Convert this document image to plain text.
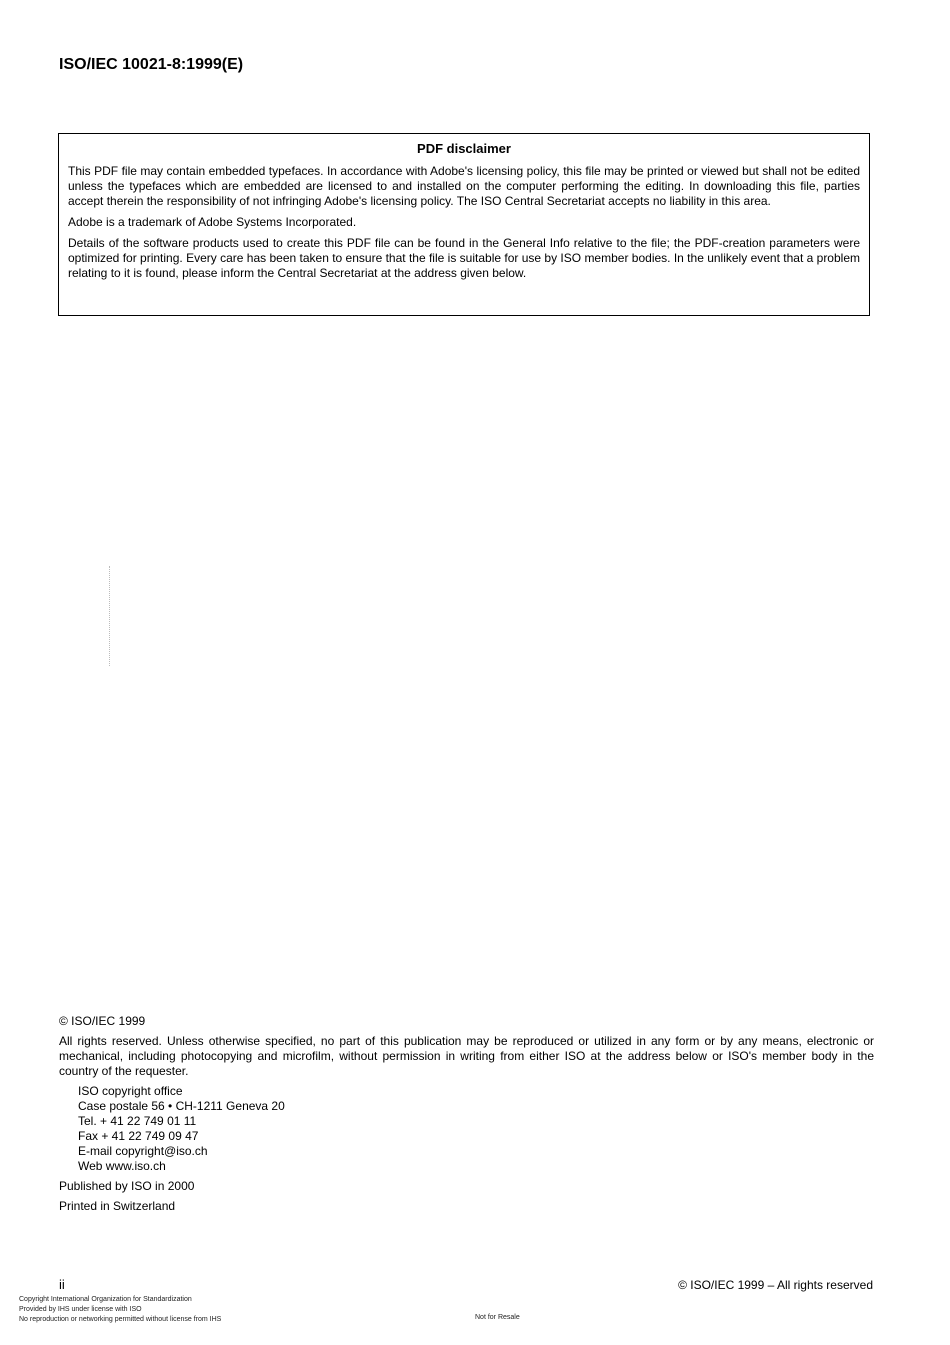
ISO/IEC 10021-8:1999(E)
PDF disclaimer

This PDF file may contain embedded typefaces. In accordance with Adobe's licensing policy, this file may be printed or viewed but shall not be edited unless the typefaces which are embedded are licensed to and installed on the computer performing the editing. In downloading this file, parties accept therein the responsibility of not infringing Adobe's licensing policy. The ISO Central Secretariat accepts no liability in this area.

Adobe is a trademark of Adobe Systems Incorporated.

Details of the software products used to create this PDF file can be found in the General Info relative to the file; the PDF-creation parameters were optimized for printing. Every care has been taken to ensure that the file is suitable for use by ISO member bodies. In the unlikely event that a problem relating to it is found, please inform the Central Secretariat at the address given below.

© ISO/IEC 1999

All rights reserved. Unless otherwise specified, no part of this publication may be reproduced or utilized in any form or by any means, electronic or mechanical, including photocopying and microfilm, without permission in writing from either ISO at the address below or ISO's member body in the country of the requester.

ISO copyright office
Case postale 56 • CH-1211 Geneva 20
Tel. + 41 22 749 01 11
Fax + 41 22 749 09 47
E-mail copyright@iso.ch
Web www.iso.ch

Published by ISO in 2000

Printed in Switzerland

ii	© ISO/IEC 1999 – All rights reserved
Copyright International Organization for Standardization
Provided by IHS under license with ISO
No reproduction or networking permitted without license from IHS	Not for Resale
